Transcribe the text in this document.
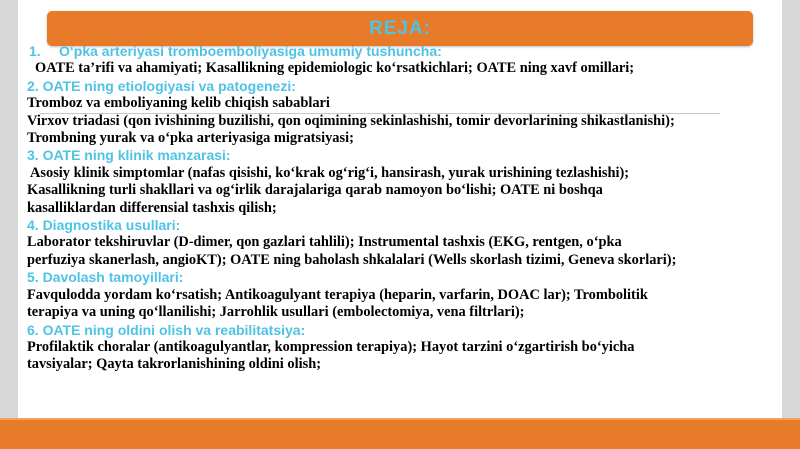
REJA:
1. O‘pka arteriyasi tromboemboliyasiga umumiy tushuncha:
OATE ta’rifi va ahamiyati; Kasallikning epidemiologic ko‘rsatkichlari; OATE ning xavf omillari;
2. OATE ning etiologiyasi va patogenezi:
Tromboz va emboliyaning kelib chiqish sabablari
Virxov triadasi (qon ivishining buzilishi, qon oqimining sekinlashishi, tomir devorlarining shikastlanishi);
Trombning yurak va o‘pka arteriyasiga migratsiyasi;
3. OATE ning klinik manzarasi:
Asosiy klinik simptomlar (nafas qisishi, ko‘krak og‘rig‘i, hansirash, yurak urishining tezlashishi);
Kasallikning turli shakllari va og‘irlik darajalariga qarab namoyon bo‘lishi; OATE ni boshqa
kasalliklardan differensial tashxis qilish;
4. Diagnostika usullari:
Laborator tekshiruvlar (D-dimer, qon gazlari tahlili); Instrumental tashxis (EKG, rentgen, o‘pka
perfuziya skanerlash, angioKT); OATE ning baholash shkalalari (Wells skorlash tizimi, Geneva skorlari);
5. Davolash tamoyillari:
Favqulodda yordam ko‘rsatish; Antikoagulyant terapiya (heparin, varfarin, DOAC lar); Trombolitik
terapiya va uning qo‘llanilishi; Jarrohlik usullari (embolectomiya, vena filtrlari);
6. OATE ning oldini olish va reabilitatsiya:
Profilaktik choralar (antikoagulyantlar, kompression terapiya); Hayot tarzini o‘zgartirish bo‘yicha
tavsiyalar; Qayta takrorlanishining oldini olish;
